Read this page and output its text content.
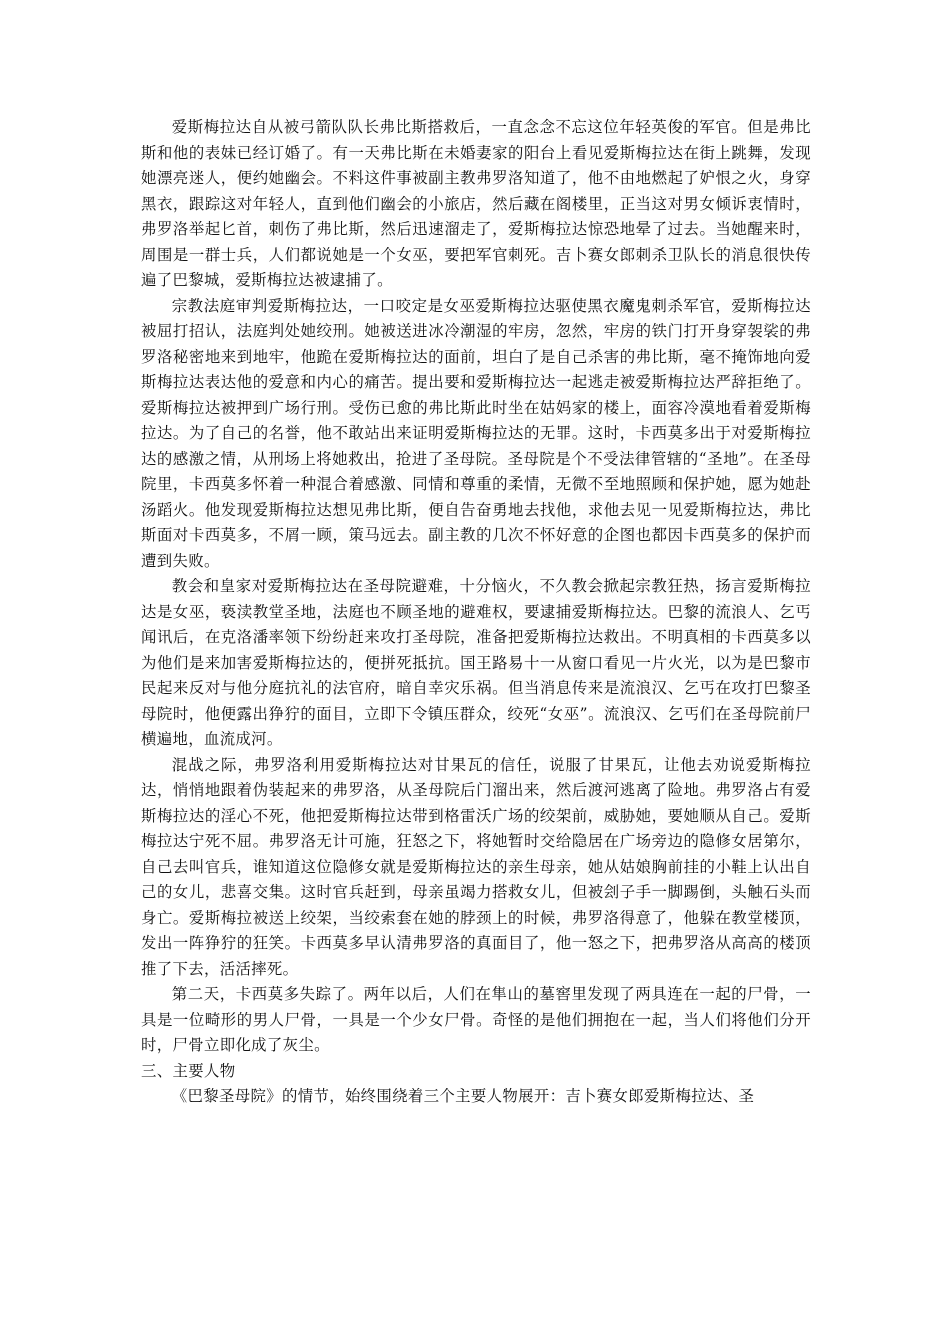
爱斯梅拉达自从被弓箭队队长弗比斯搭救后，一直念念不忘这位年轻英俊的军官。但是弗比斯和他的表妹已经订婚了。有一天弗比斯在未婚妻家的阳台上看见爱斯梅拉达在街上跳舞，发现她漂亮迷人，便约她幽会。不料这件事被副主教弗罗洛知道了，他不由地燃起了妒恨之火，身穿黑衣，跟踪这对年轻人，直到他们幽会的小旅店，然后藏在阁楼里，正当这对男女倾诉衷情时，弗罗洛举起匕首，刺伤了弗比斯，然后迅速溜走了，爱斯梅拉达惊恐地晕了过去。当她醒来时，周围是一群士兵，人们都说她是一个女巫，要把军官刺死。吉卜赛女郎刺杀卫队长的消息很快传遍了巴黎城，爱斯梅拉达被逮捕了。

宗教法庭审判爱斯梅拉达，一口咬定是女巫爱斯梅拉达驱使黑衣魔鬼刺杀军官，爱斯梅拉达被屈打招认，法庭判处她绞刑。她被送进冰冷潮湿的牢房，忽然，牢房的铁门打开身穿袈裟的弗罗洛秘密地来到地牢，他跪在爱斯梅拉达的面前，坦白了是自己杀害的弗比斯，毫不掩饰地向爱斯梅拉达表达他的爱意和内心的痛苦。提出要和爱斯梅拉达一起逃走被爱斯梅拉达严辞拒绝了。爱斯梅拉达被押到广场行刑。受伤已愈的弗比斯此时坐在姑妈家的楼上，面容冷漠地看着爱斯梅拉达。为了自己的名誉，他不敢站出来证明爱斯梅拉达的无罪。这时，卡西莫多出于对爱斯梅拉达的感激之情，从刑场上将她救出，抢进了圣母院。圣母院是个不受法律管辖的“圣地”。在圣母院里，卡西莫多怀着一种混合着感激、同情和尊重的柔情，无微不至地照顾和保护她，愿为她赴汤蹈火。他发现爱斯梅拉达想见弗比斯，便自告奋勇地去找他，求他去见一见爱斯梅拉达，弗比斯面对卡西莫多，不屑一顾，策马远去。副主教的几次不怀好意的企图也都因卡西莫多的保护而遭到失败。

教会和皇家对爱斯梅拉达在圣母院避难，十分恼火，不久教会掀起宗教狂热，扬言爱斯梅拉达是女巫，亵渎教堂圣地，法庭也不顾圣地的避难权，要逮捕爱斯梅拉达。巴黎的流浪人、乞丐闻讯后，在克洛潘率领下纷纷赶来攻打圣母院，准备把爱斯梅拉达救出。不明真相的卡西莫多以为他们是来加害爱斯梅拉达的，便拼死抵抗。国王路易十一从窗口看见一片火光，以为是巴黎市民起来反对与他分庭抗礼的法官府，暗自幸灾乐祸。但当消息传来是流浪汉、乞丐在攻打巴黎圣母院时，他便露出狰狞的面目，立即下令镇压群众，绞死“女巫”。流浪汉、乞丐们在圣母院前尸横遍地，血流成河。

混战之际，弗罗洛利用爱斯梅拉达对甘果瓦的信任，说服了甘果瓦，让他去劝说爱斯梅拉达，悄悄地跟着伪装起来的弗罗洛，从圣母院后门溜出来，然后渡河逃离了险地。弗罗洛占有爱斯梅拉达的淫心不死，他把爱斯梅拉达带到格雷沃广场的绞架前，威胁她，要她顺从自己。爱斯梅拉达宁死不屈。弗罗洛无计可施，狂怒之下，将她暂时交给隐居在广场旁边的隐修女居第尔，自己去叫官兵，谁知道这位隐修女就是爱斯梅拉达的亲生母亲，她从姑娘胸前挂的小鞋上认出自己的女儿，悲喜交集。这时官兵赶到，母亲虽竭力搭救女儿，但被刽子手一脚踢倒，头触石头而身亡。爱斯梅拉被送上绞架，当绞索套在她的脖颈上的时候，弗罗洛得意了，他躲在教堂楼顶，发出一阵狰狞的狂笑。卡西莫多早认清弗罗洛的真面目了，他一怒之下，把弗罗洛从高高的楼顶推了下去，活活摔死。

第二天，卡西莫多失踪了。两年以后，人们在隼山的墓窖里发现了两具连在一起的尸骨，一具是一位畸形的男人尸骨，一具是一个少女尸骨。奇怪的是他们拥抱在一起，当人们将他们分开时，尸骨立即化成了灰尘。

三、主要人物

《巴黎圣母院》的情节，始终围绕着三个主要人物展开：吉卜赛女郎爱斯梅拉达、圣
